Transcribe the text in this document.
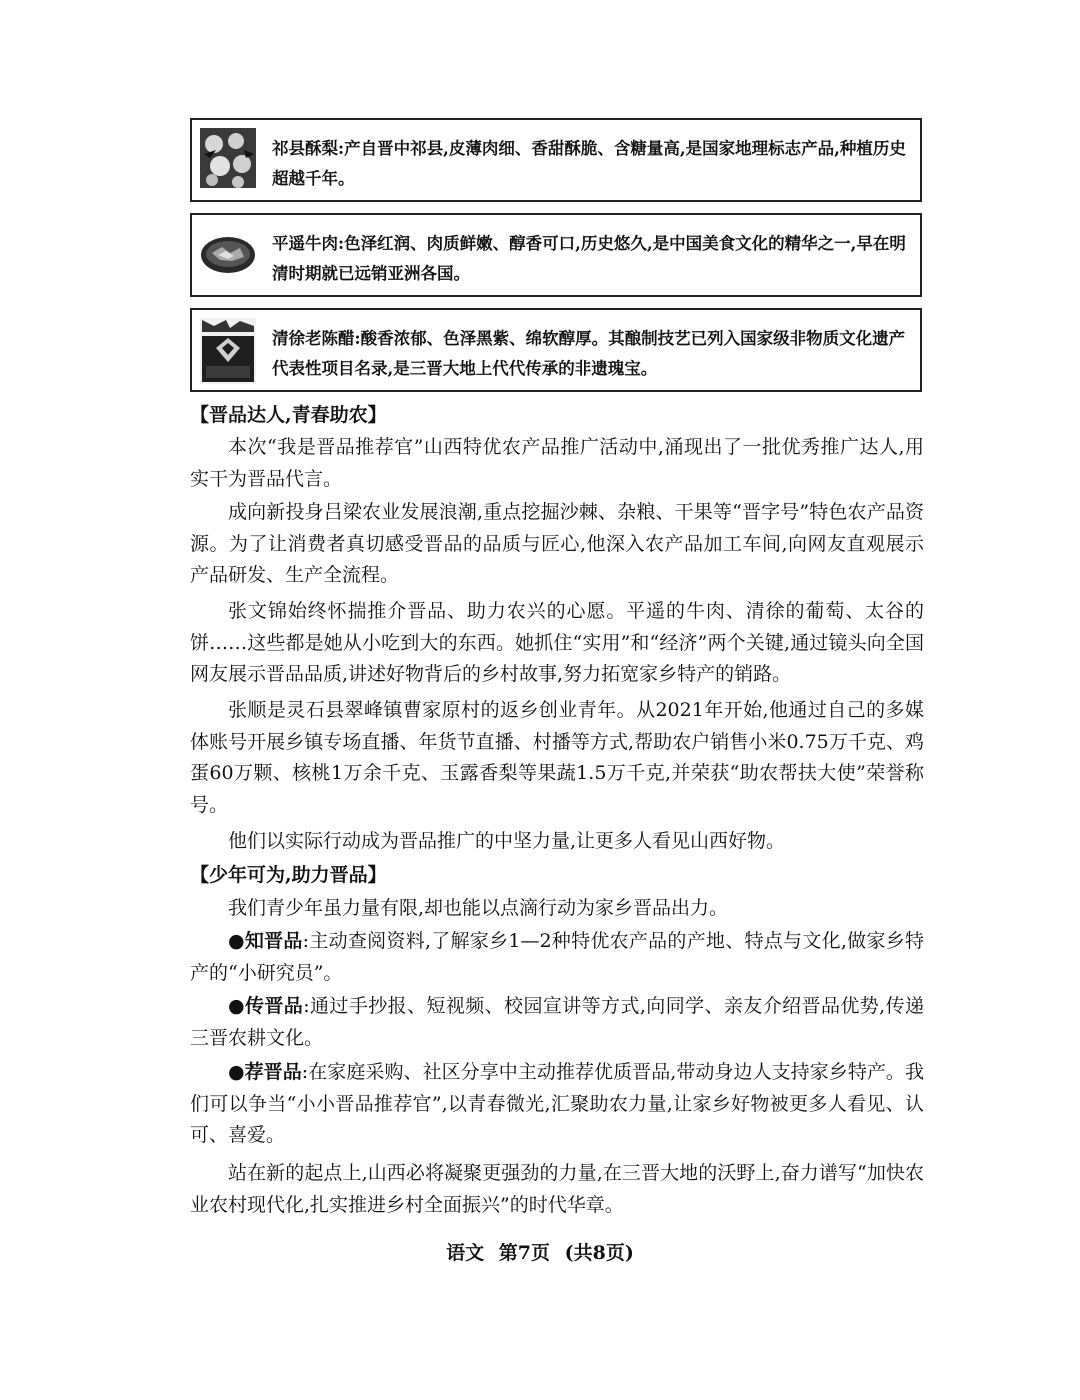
祁县酥梨:产自晋中祁县,皮薄肉细、香甜酥脆、含糖量高,是国家地理标志产品,种植历史超越千年。
平遥牛肉:色泽红润、肉质鲜嫩、醇香可口,历史悠久,是中国美食文化的精华之一,早在明清时期就已远销亚洲各国。
清徐老陈醋:酸香浓郁、色泽黑紫、绵软醇厚。其酿制技艺已列入国家级非物质文化遗产代表性项目名录,是三晋大地上代代传承的非遗瑰宝。
【晋品达人,青春助农】
本次“我是晋品推荐官”山西特优农产品推广活动中,涌现出了一批优秀推广达人,用实干为晋品代言。
成向新投身吕梁农业发展浪潮,重点挖掘沙棘、杂粮、干果等“晋字号”特色农产品资源。为了让消费者真切感受晋品的品质与匠心,他深入农产品加工车间,向网友直观展示产品研发、生产全流程。
张文锦始终怀揣推介晋品、助力农兴的心愿。平遥的牛肉、清徐的葡萄、太谷的饼……这些都是她从小吃到大的东西。她抓住“实用”和“经济”两个关键,通过镜头向全国网友展示晋品品质,讲述好物背后的乡村故事,努力拓宽家乡特产的销路。
张顺是灵石县翠峰镇曹家原村的返乡创业青年。从2021年开始,他通过自己的多媒体账号开展乡镇专场直播、年货节直播、村播等方式,帮助农户销售小米0.75万千克、鸡蛋60万颗、核桃1万余千克、玉露香梨等果蔬1.5万千克,并荣获“助农帮扶大使”荣誉称号。
他们以实际行动成为晋品推广的中坚力量,让更多人看见山西好物。
【少年可为,助力晋品】
我们青少年虽力量有限,却也能以点滴行动为家乡晋品出力。
●知晋品:主动查阅资料,了解家乡1—2种特优农产品的产地、特点与文化,做家乡特产的“小研究员”。
●传晋品:通过手抄报、短视频、校园宣讲等方式,向同学、亲友介绍晋品优势,传递三晋农耕文化。
●荐晋品:在家庭采购、社区分享中主动推荐优质晋品,带动身边人支持家乡特产。我们可以争当“小小晋品推荐官”,以青春微光,汇聚助农力量,让家乡好物被更多人看见、认可、喜爱。
站在新的起点上,山西必将凝聚更强劲的力量,在三晋大地的沃野上,奋力谱写“加快农业农村现代化,扎实推进乡村全面振兴”的时代华章。
语文 第7页 (共8页)
